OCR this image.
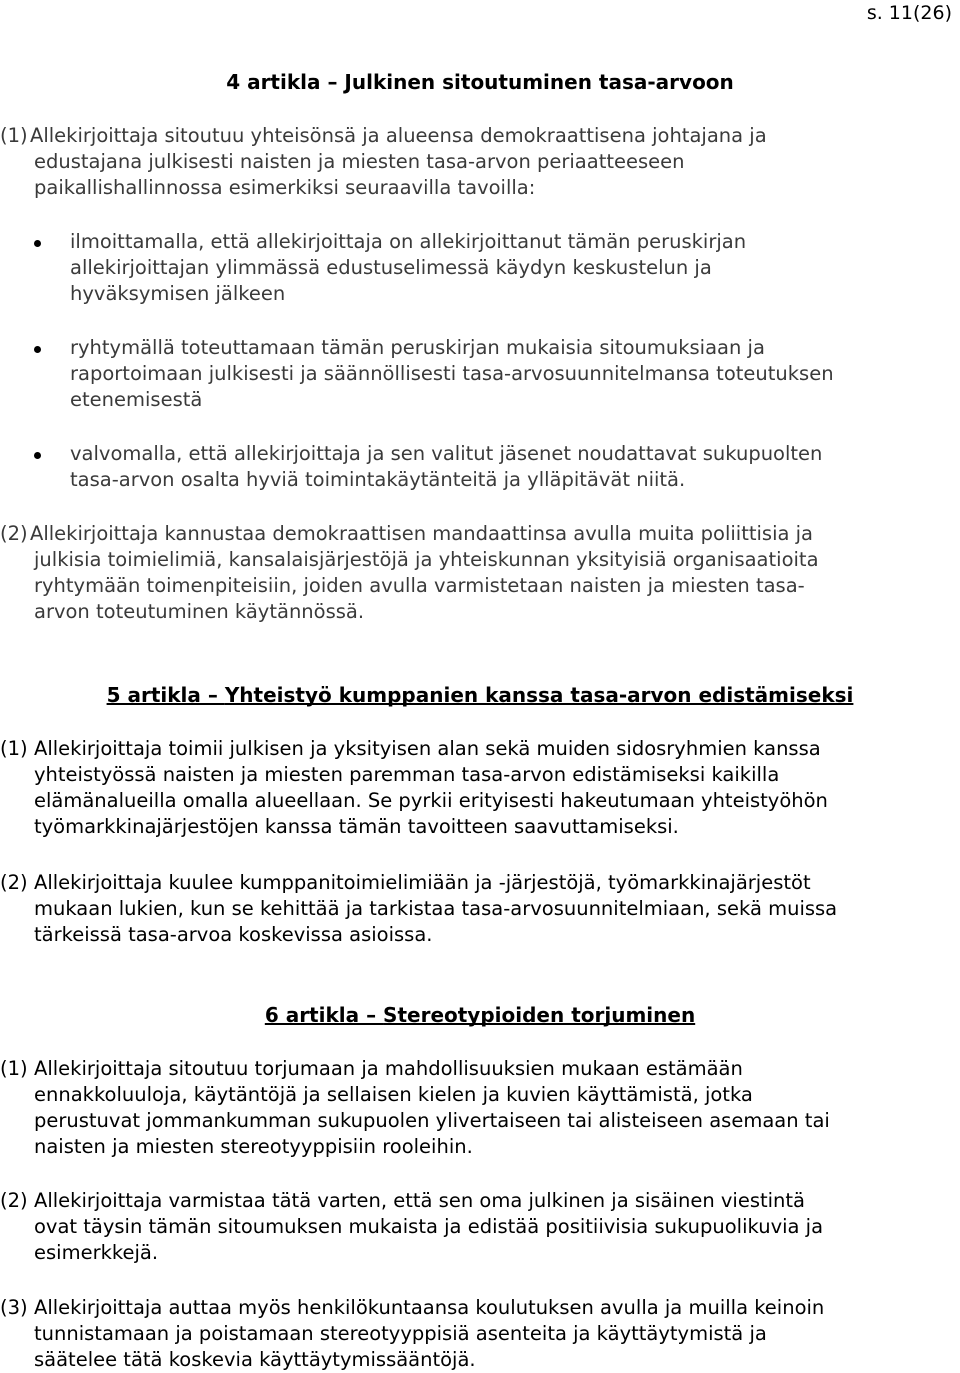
s. 11(26)
4 artikla – Julkinen sitoutuminen tasa-arvoon
(1) Allekirjoittaja sitoutuu yhteisönsä ja alueensa demokraattisena johtajana ja
edustajana julkisesti naisten ja miesten tasa-arvon periaatteeseen
paikallishallinnossa esimerkiksi seuraavilla tavoilla:
ilmoittamalla, että allekirjoittaja on allekirjoittanut tämän peruskirjan
allekirjoittajan ylimmässä edustuselimessä käydyn keskustelun ja
hyväksymisen jälkeen
ryhtymällä toteuttamaan tämän peruskirjan mukaisia sitoumuksiaan ja
raportoimaan julkisesti ja säännöllisesti tasa-arvosuunnitelmansa toteutuksen
etenemisestä
valvomalla, että allekirjoittaja ja sen valitut jäsenet noudattavat sukupuolten
tasa-arvon osalta hyviä toimintakäytänteitä ja ylläpitävät niitä.
(2) Allekirjoittaja kannustaa demokraattisen mandaattinsa avulla muita poliittisia ja
julkisia toimielimiä, kansalaisjärjestöjä ja yhteiskunnan yksityisiä organisaatioita
ryhtymään toimenpiteisiin, joiden avulla varmistetaan naisten ja miesten tasa-
arvon toteutuminen käytännössä.
5 artikla – Yhteistyö kumppanien kanssa tasa-arvon edistämiseksi
(1) Allekirjoittaja toimii julkisen ja yksityisen alan sekä muiden sidosryhmien kanssa
yhteistyössä naisten ja miesten paremman tasa-arvon edistämiseksi kaikilla
elämänalueilla omalla alueellaan. Se pyrkii erityisesti hakeutumaan yhteistyöhön
työmarkkinajärjestöjen kanssa tämän tavoitteen saavuttamiseksi.
(2) Allekirjoittaja kuulee kumppanitoimielimiään ja -järjestöjä, työmarkkinajärjestöt
mukaan lukien, kun se kehittää ja tarkistaa tasa-arvosuunnitelmiaan, sekä muissa
tärkeissä tasa-arvoa koskevissa asioissa.
6 artikla – Stereotypioiden torjuminen
(1) Allekirjoittaja sitoutuu torjumaan ja mahdollisuuksien mukaan estämään
ennakkoluuloja, käytäntöjä ja sellaisen kielen ja kuvien käyttämistä, jotka
perustuvat jommankumman sukupuolen ylivertaiseen tai alisteiseen asemaan tai
naisten ja miesten stereotyyppisiin rooleihin.
(2) Allekirjoittaja varmistaa tätä varten, että sen oma julkinen ja sisäinen viestintä
ovat täysin tämän sitoumuksen mukaista ja edistää positiivisia sukupuolikuvia ja
esimerkkejä.
(3) Allekirjoittaja auttaa myös henkilökuntaansa koulutuksen avulla ja muilla keinoin
tunnistamaan ja poistamaan stereotyyppisiä asenteita ja käyttäytymistä ja
säätelee tätä koskevia käyttäytymissääntöjä.
